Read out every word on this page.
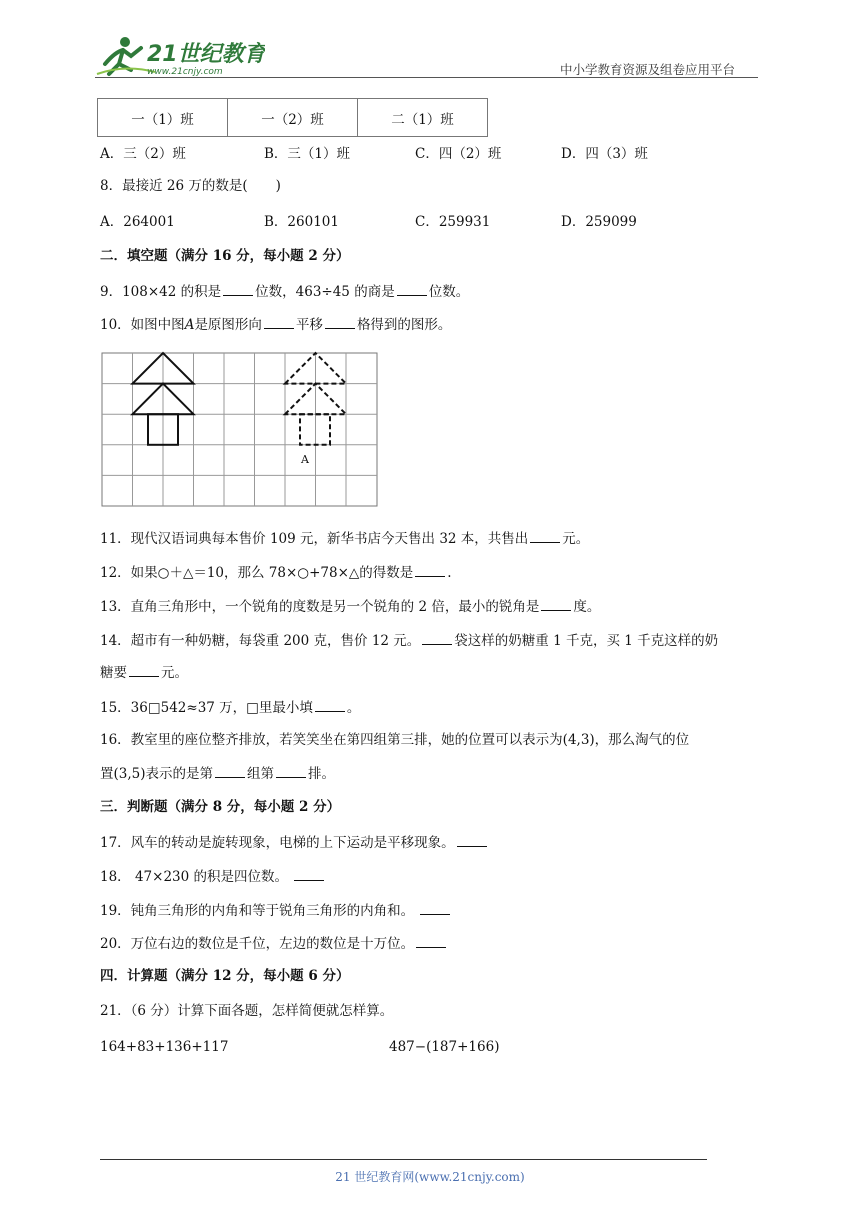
21世纪教育
www.21cnjy.com	中小学教育资源及组卷应用平台
一（1）班	一（2）班	二（1）班
A．三（2）班	B．三（1）班	C．四（2）班	D．四（3）班
8．最接近 26 万的数是( )
A．264001	B．260101	C．259931	D．259099
二．填空题（满分 16 分，每小题 2 分）
9．108×42 的积是	位数，463÷45 的商是	位数。
10．如图中图A是原图形向	平移	格得到的图形。
A
11．现代汉语词典每本售价 109 元，新华书店今天售出 32 本，共售出	元。
12．如果○＋△＝10，那么 78×○+78×△的得数是	.
13．直角三角形中，一个锐角的度数是另一个锐角的 2 倍，最小的锐角是	度。
14．超市有一种奶糖，每袋重 200 克，售价 12 元。	袋这样的奶糖重 1 千克，买 1 千克这样的奶
糖要	元。
15．36□542≈37 万，□里最小填	。
16．教室里的座位整齐排放，若笑笑坐在第四组第三排，她的位置可以表示为(4,3)，那么淘气的位
置(3,5)表示的是第	组第	排。
三．判断题（满分 8 分，每小题 2 分）
17．风车的转动是旋转现象，电梯的上下运动是平移现象。
18． 47×230 的积是四位数。
19．钝角三角形的内角和等于锐角三角形的内角和。
20．万位右边的数位是千位，左边的数位是十万位。
四．计算题（满分 12 分，每小题 6 分）
21．（6 分）计算下面各题，怎样简便就怎样算。
164+83+136+117	487−(187+166)
21 世纪教育网(www.21cnjy.com)
